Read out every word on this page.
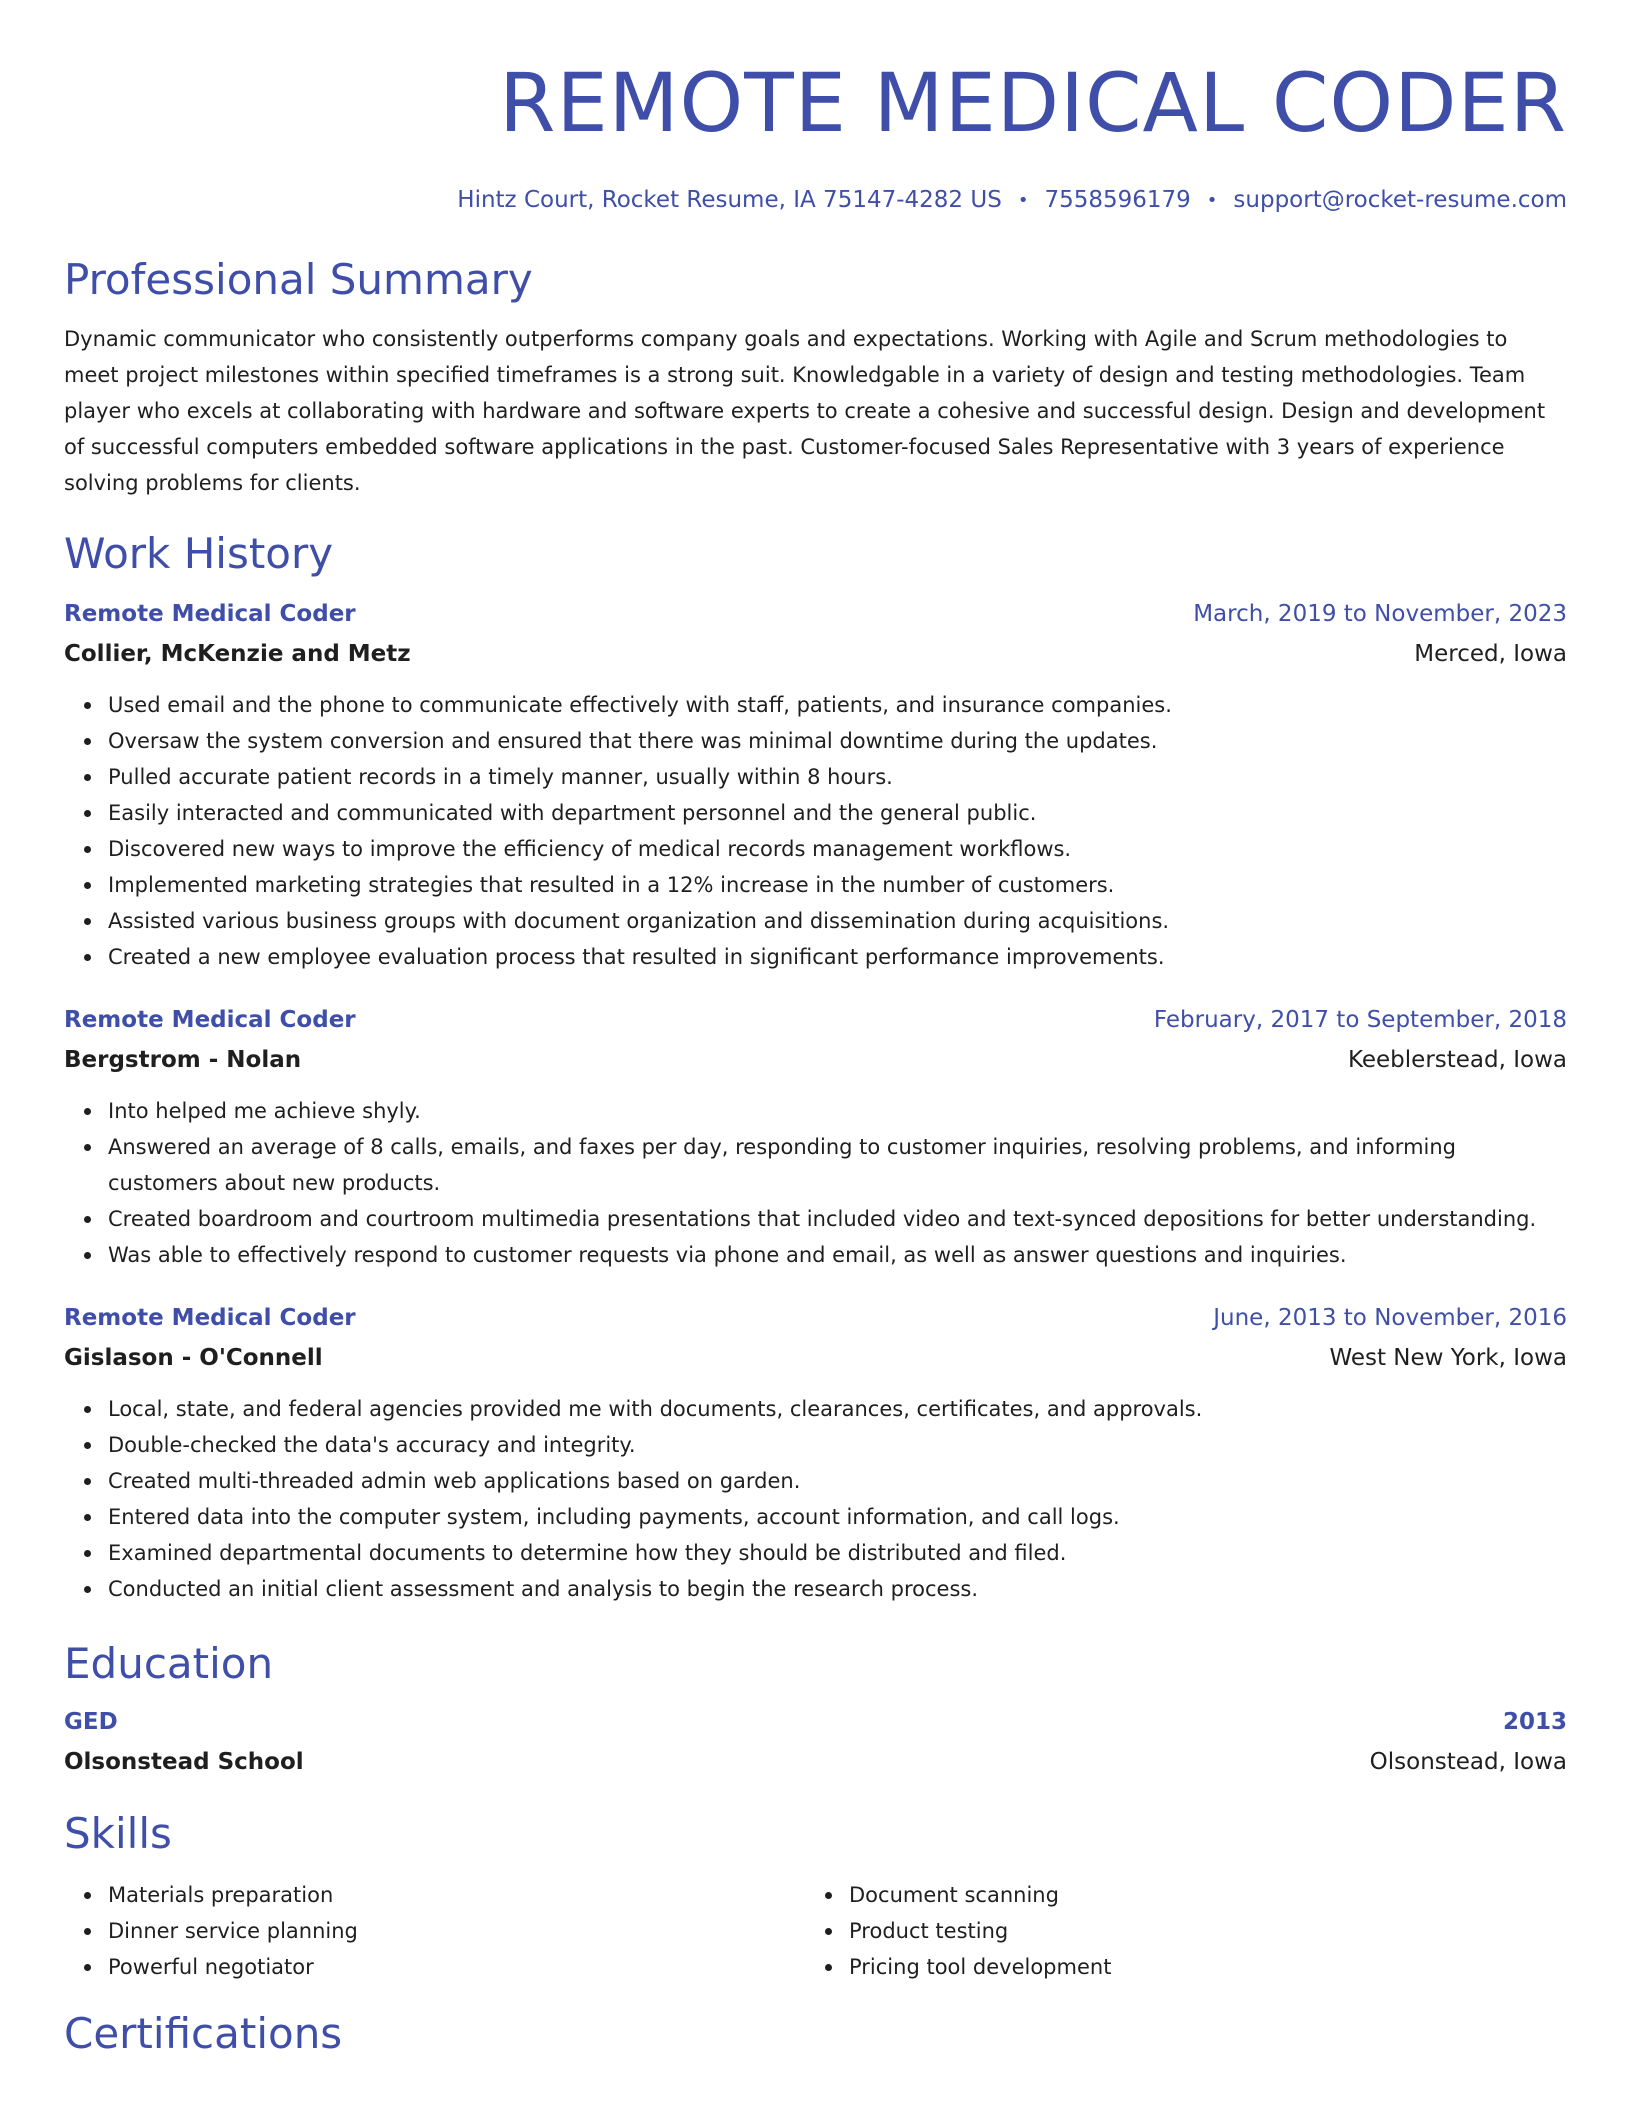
REMOTE MEDICAL CODER
Hintz Court, Rocket Resume, IA 75147-4282 US • 7558596179 • support@rocket-resume.com
Professional Summary
Dynamic communicator who consistently outperforms company goals and expectations. Working with Agile and Scrum methodologies to meet project milestones within specified timeframes is a strong suit. Knowledgable in a variety of design and testing methodologies. Team player who excels at collaborating with hardware and software experts to create a cohesive and successful design. Design and development of successful computers embedded software applications in the past. Customer-focused Sales Representative with 3 years of experience solving problems for clients.
Work History
Remote Medical Coder	March, 2019 to November, 2023
Collier, McKenzie and Metz	Merced, Iowa
Used email and the phone to communicate effectively with staff, patients, and insurance companies.
Oversaw the system conversion and ensured that there was minimal downtime during the updates.
Pulled accurate patient records in a timely manner, usually within 8 hours.
Easily interacted and communicated with department personnel and the general public.
Discovered new ways to improve the efficiency of medical records management workflows.
Implemented marketing strategies that resulted in a 12% increase in the number of customers.
Assisted various business groups with document organization and dissemination during acquisitions.
Created a new employee evaluation process that resulted in significant performance improvements.
Remote Medical Coder	February, 2017 to September, 2018
Bergstrom - Nolan	Keeblerstead, Iowa
Into helped me achieve shyly.
Answered an average of 8 calls, emails, and faxes per day, responding to customer inquiries, resolving problems, and informing customers about new products.
Created boardroom and courtroom multimedia presentations that included video and text-synced depositions for better understanding.
Was able to effectively respond to customer requests via phone and email, as well as answer questions and inquiries.
Remote Medical Coder	June, 2013 to November, 2016
Gislason - O'Connell	West New York, Iowa
Local, state, and federal agencies provided me with documents, clearances, certificates, and approvals.
Double-checked the data's accuracy and integrity.
Created multi-threaded admin web applications based on garden.
Entered data into the computer system, including payments, account information, and call logs.
Examined departmental documents to determine how they should be distributed and filed.
Conducted an initial client assessment and analysis to begin the research process.
Education
GED	2013
Olsonstead School	Olsonstead, Iowa
Skills
Materials preparation
Dinner service planning
Powerful negotiator
Document scanning
Product testing
Pricing tool development
Certifications
